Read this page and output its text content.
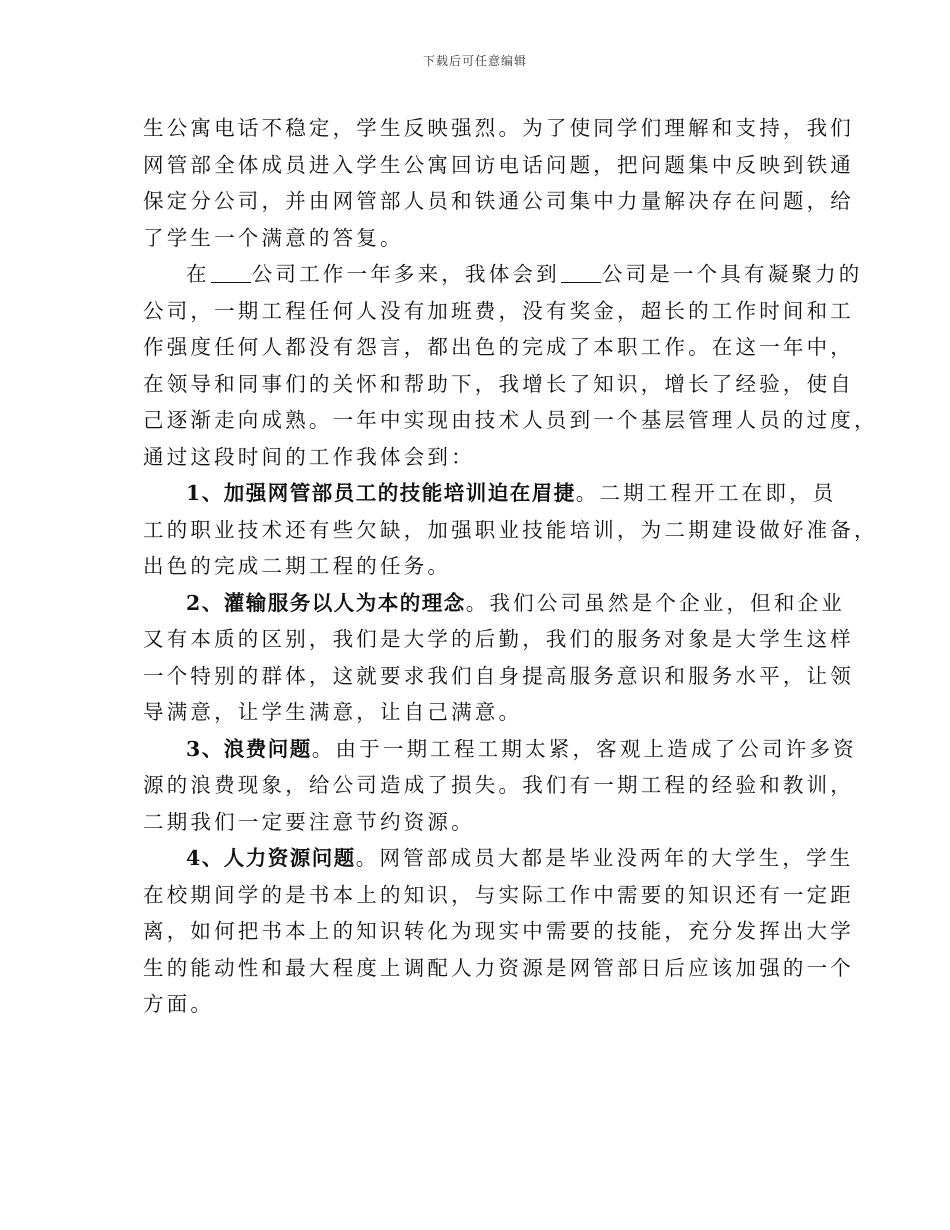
下载后可任意编辑
生公寓电话不稳定，学生反映强烈。为了使同学们理解和支持，我们
网管部全体成员进入学生公寓回访电话问题，把问题集中反映到铁通
保定分公司，并由网管部人员和铁通公司集中力量解决存在问题，给
了学生一个满意的答复。
在 公司工作一年多来，我体会到 公司是一个具有凝聚力的
公司，一期工程任何人没有加班费，没有奖金，超长的工作时间和工
作强度任何人都没有怨言，都出色的完成了本职工作。在这一年中，
在领导和同事们的关怀和帮助下，我增长了知识，增长了经验，使自
己逐渐走向成熟。一年中实现由技术人员到一个基层管理人员的过度，
通过这段时间的工作我体会到：
1、加强网管部员工的技能培训迫在眉捷。二期工程开工在即，员
工的职业技术还有些欠缺，加强职业技能培训，为二期建设做好准备，
出色的完成二期工程的任务。
2、灌输服务以人为本的理念。我们公司虽然是个企业，但和企业
又有本质的区别，我们是大学的后勤，我们的服务对象是大学生这样
一个特别的群体，这就要求我们自身提高服务意识和服务水平，让领
导满意，让学生满意，让自己满意。
3、浪费问题。由于一期工程工期太紧，客观上造成了公司许多资
源的浪费现象，给公司造成了损失。我们有一期工程的经验和教训，
二期我们一定要注意节约资源。
4、人力资源问题。网管部成员大都是毕业没两年的大学生，学生
在校期间学的是书本上的知识，与实际工作中需要的知识还有一定距
离，如何把书本上的知识转化为现实中需要的技能，充分发挥出大学
生的能动性和最大程度上调配人力资源是网管部日后应该加强的一个
方面。
